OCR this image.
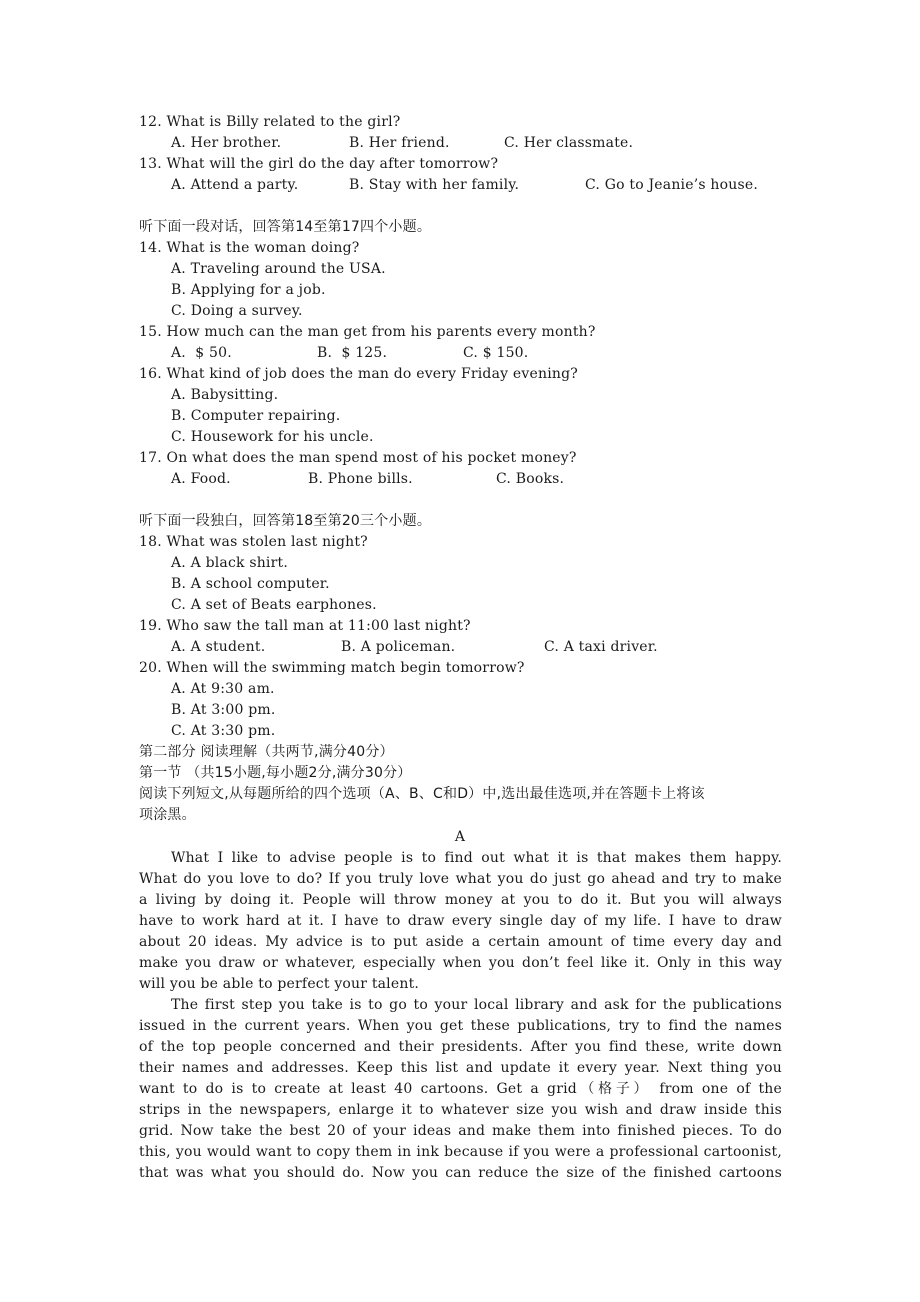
12. What is Billy related to the girl?
A. Her brother.	B. Her friend.	C. Her classmate.
13. What will the girl do the day after tomorrow?
A. Attend a party.	B. Stay with her family.	C. Go to Jeanie’s house.
听下面一段对话，回答第14至第17四个小题。
14. What is the woman doing?
A. Traveling around the USA.
B. Applying for a job.
C. Doing a survey.
15. How much can the man get from his parents every month?
A.  $ 50.	B.  $ 125.	C. $ 150.
16. What kind of job does the man do every Friday evening?
A. Babysitting.
B. Computer repairing.
C. Housework for his uncle.
17. On what does the man spend most of his pocket money?
A. Food.	B. Phone bills.	C. Books.
听下面一段独白，回答第18至第20三个小题。
18. What was stolen last night?
A. A black shirt.
B. A school computer.
C. A set of Beats earphones.
19. Who saw the tall man at 11:00 last night?
A. A student.	B. A policeman.	C. A taxi driver.
20. When will the swimming match begin tomorrow?
A. At 9:30 am.
B. At 3:00 pm.
C. At 3:30 pm.
第二部分 阅读理解（共两节,满分40分）
第一节 （共15小题,每小题2分,满分30分）
阅读下列短文,从每题所给的四个选项（A、B、C和D）中,选出最佳选项,并在答题卡上将该
项涂黑。
A
What I like to advise people is to find out what it is that makes them happy.
What do you love to do? If you truly love what you do just go ahead and try to make
a living by doing it. People will throw money at you to do it. But you will always
have to work hard at it. I have to draw every single day of my life. I have to draw
about 20 ideas. My advice is to put aside a certain amount of time every day and
make you draw or whatever, especially when you don’t feel like it. Only in this way
will you be able to perfect your talent.
The first step you take is to go to your local library and ask for the publications
issued in the current years. When you get these publications, try to find the names
of the top people concerned and their presidents. After you find these, write down
their names and addresses. Keep this list and update it every year. Next thing you
want to do is to create at least 40 cartoons. Get a grid（格子） from one of the
strips in the newspapers, enlarge it to whatever size you wish and draw inside this
grid. Now take the best 20 of your ideas and make them into finished pieces. To do
this, you would want to copy them in ink because if you were a professional cartoonist,
that was what you should do. Now you can reduce the size of the finished cartoons
